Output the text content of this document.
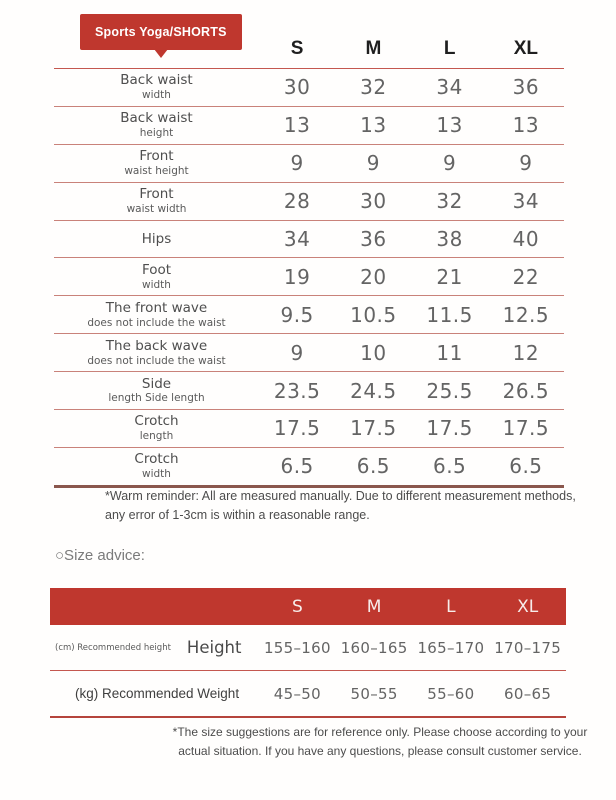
Sports Yoga/SHORTS
S	M	L	XL
Back waist
width	30	32	34	36
Back waist
height	13	13	13	13
Front
waist height	9	9	9	9
Front
waist width	28	30	32	34
Hips	34	36	38	40
Foot
width	19	20	21	22
The front wave
does not include the waist	9.5	10.5	11.5	12.5
The back wave
does not include the waist	9	10	11	12
Side
length Side length	23.5	24.5	25.5	26.5
Crotch
length	17.5	17.5	17.5	17.5
Crotch
width	6.5	6.5	6.5	6.5
*Warm reminder: All are measured manually. Due to different measurement methods, any error of 1-3cm is within a reasonable range.
○Size advice:
S	M	L	XL
(cm) Recommended height Height	155–160 160–165 165–170 170–175
(kg) Recommended Weight	45–50	50–55	55–60	60–65
*The size suggestions are for reference only. Please choose according to your actual situation. If you have any questions, please consult customer service.
